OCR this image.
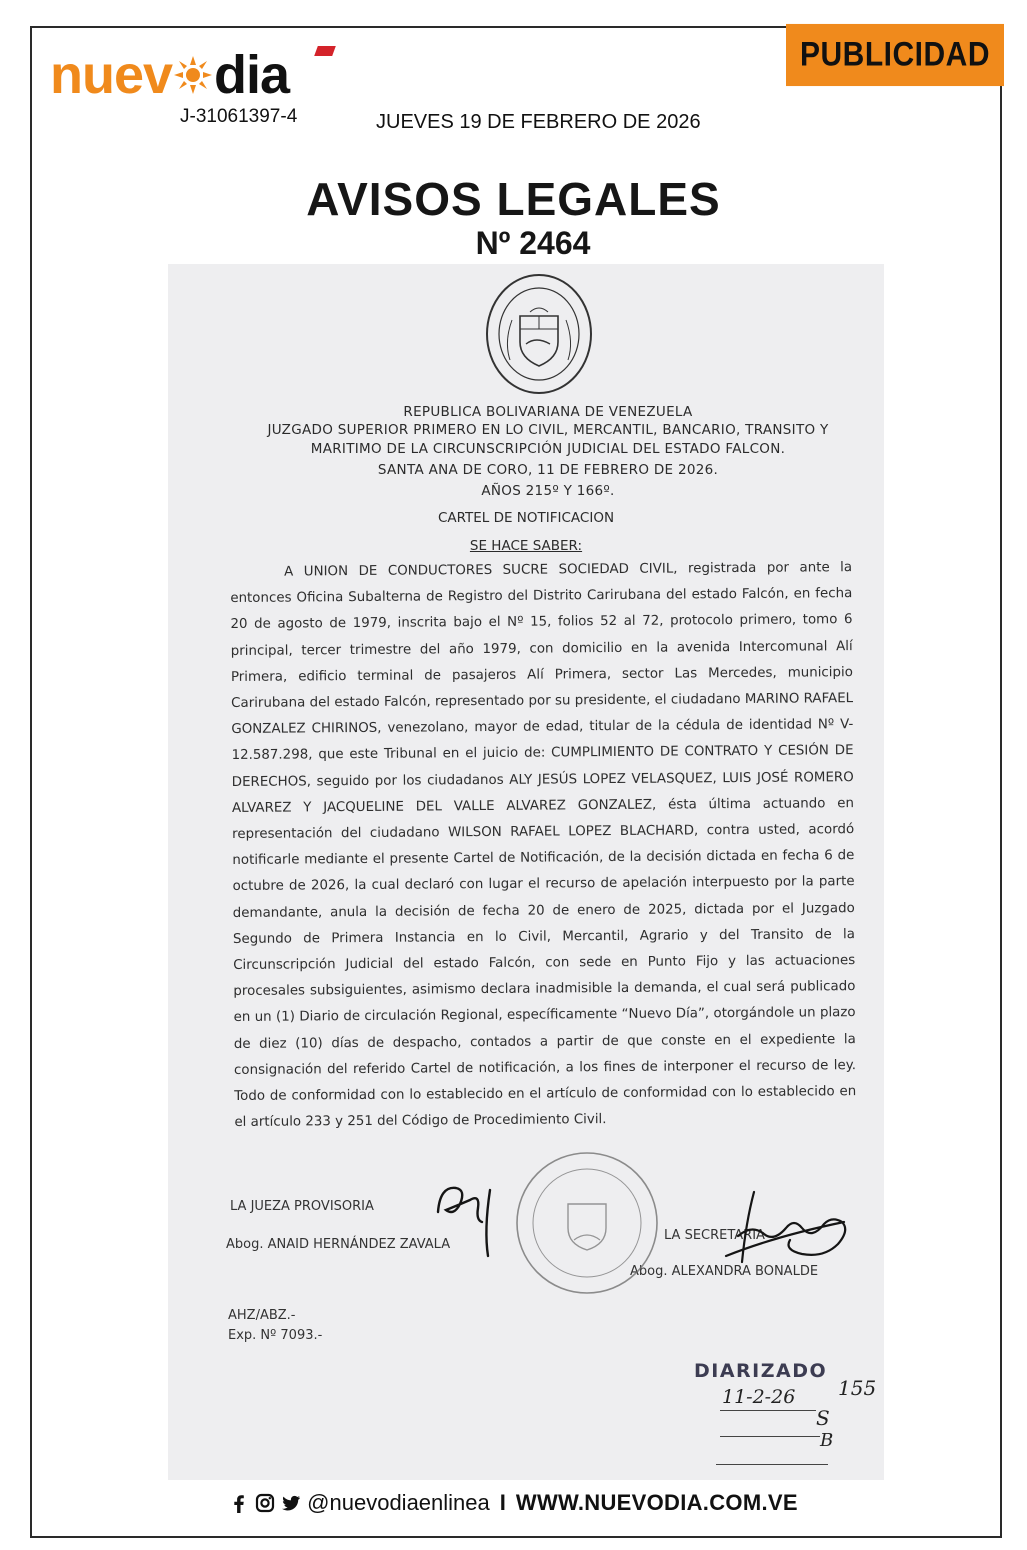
nuev dia
J-31061397-4
PUBLICIDAD
JUEVES 19 DE FEBRERO DE 2026
AVISOS LEGALES
Nº 2464
REPUBLICA BOLIVARIANA DE VENEZUELA
JUZGADO SUPERIOR PRIMERO EN LO CIVIL, MERCANTIL, BANCARIO, TRANSITO Y
MARITIMO DE LA CIRCUNSCRIPCIÓN JUDICIAL DEL ESTADO FALCON.
SANTA ANA DE CORO, 11 DE FEBRERO DE 2026.
AÑOS 215º Y 166º.
CARTEL DE NOTIFICACION
SE HACE SABER:
A UNION DE CONDUCTORES SUCRE SOCIEDAD CIVIL, registrada por ante la entonces Oficina Subalterna de Registro del Distrito Carirubana del estado Falcón, en fecha 20 de agosto de 1979, inscrita bajo el Nº 15, folios 52 al 72, protocolo primero, tomo 6 principal, tercer trimestre del año 1979, con domicilio en la avenida Intercomunal Alí Primera, edificio terminal de pasajeros Alí Primera, sector Las Mercedes, municipio Carirubana del estado Falcón, representado por su presidente, el ciudadano MARINO RAFAEL GONZALEZ CHIRINOS, venezolano, mayor de edad, titular de la cédula de identidad Nº V-12.587.298, que este Tribunal en el juicio de: CUMPLIMIENTO DE CONTRATO Y CESIÓN DE DERECHOS, seguido por los ciudadanos ALY JESÚS LOPEZ VELASQUEZ, LUIS JOSÉ ROMERO ALVAREZ Y JACQUELINE DEL VALLE ALVAREZ GONZALEZ, ésta última actuando en representación del ciudadano WILSON RAFAEL LOPEZ BLACHARD, contra usted, acordó notificarle mediante el presente Cartel de Notificación, de la decisión dictada en fecha 6 de octubre de 2026, la cual declaró con lugar el recurso de apelación interpuesto por la parte demandante, anula la decisión de fecha 20 de enero de 2025, dictada por el Juzgado Segundo de Primera Instancia en lo Civil, Mercantil, Agrario y del Transito de la Circunscripción Judicial del estado Falcón, con sede en Punto Fijo y las actuaciones procesales subsiguientes, asimismo declara inadmisible la demanda, el cual será publicado en un (1) Diario de circulación Regional, específicamente “Nuevo Día”, otorgándole un plazo de diez (10) días de despacho, contados a partir de que conste en el expediente la consignación del referido Cartel de notificación, a los fines de interponer el recurso de ley. Todo de conformidad con lo establecido en el artículo de conformidad con lo establecido en el artículo 233 y 251 del Código de Procedimiento Civil.
LA JUEZA PROVISORIA
Abog. ANAID HERNÁNDEZ ZAVALA
LA SECRETARIA
Abog. ALEXANDRA BONALDE
AHZ/ABZ.-
Exp. Nº 7093.-
DIARIZADO
11-2-26 155
S
B
@nuevodiaenlinea I WWW.NUEVODIA.COM.VE
